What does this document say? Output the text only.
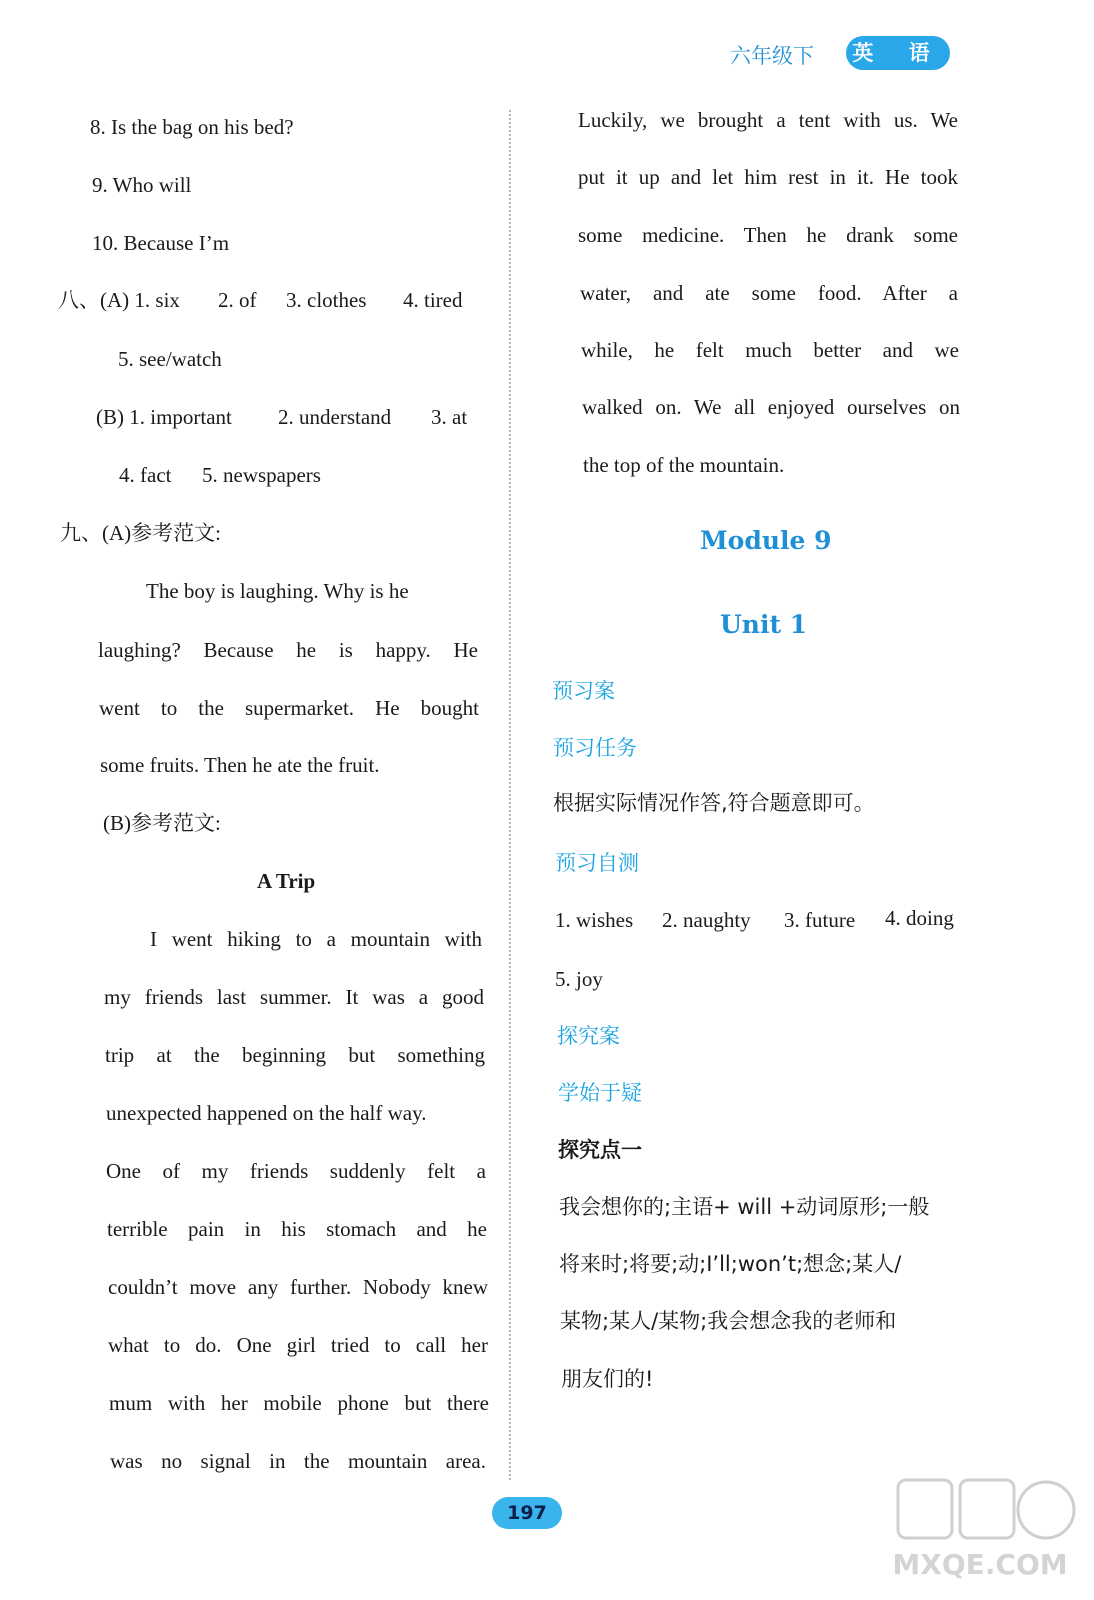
六年级下	英 语
8. Is the bag on his bed?
9. Who will
10. Because I’m
八、(A) 1. six 2. of 3. clothes 4. tired
5. see/watch
(B) 1. important 2. understand 3. at
4. fact 5. newspapers
九、(A)参考范文:
The boy is laughing. Why is he
laughing? Because he is happy. He
went to the supermarket. He bought
some fruits. Then he ate the fruit.
(B)参考范文:
A Trip
I went hiking to a mountain with
my friends last summer. It was a good
trip at the beginning but something
unexpected happened on the half way.
One of my friends suddenly felt a
terrible pain in his stomach and he
couldn’t move any further. Nobody knew
what to do. One girl tried to call her
mum with her mobile phone but there
was no signal in the mountain area.
Luckily, we brought a tent with us. We
put it up and let him rest in it. He took
some medicine. Then he drank some
water, and ate some food. After a
while, he felt much better and we
walked on. We all enjoyed ourselves on
the top of the mountain.
Module 9
Unit 1
预习案
预习任务
根据实际情况作答,符合题意即可。
预习自测
1. wishes 2. naughty 3. future 4. doing
5. joy
探究案
学始于疑
探究点一
我会想你的;主语+ will +动词原形;一般
将来时;将要;动;I’ll;won’t;想念;某人/
某物;某人/某物;我会想念我的老师和
朋友们的!
197
MXQE.COM
